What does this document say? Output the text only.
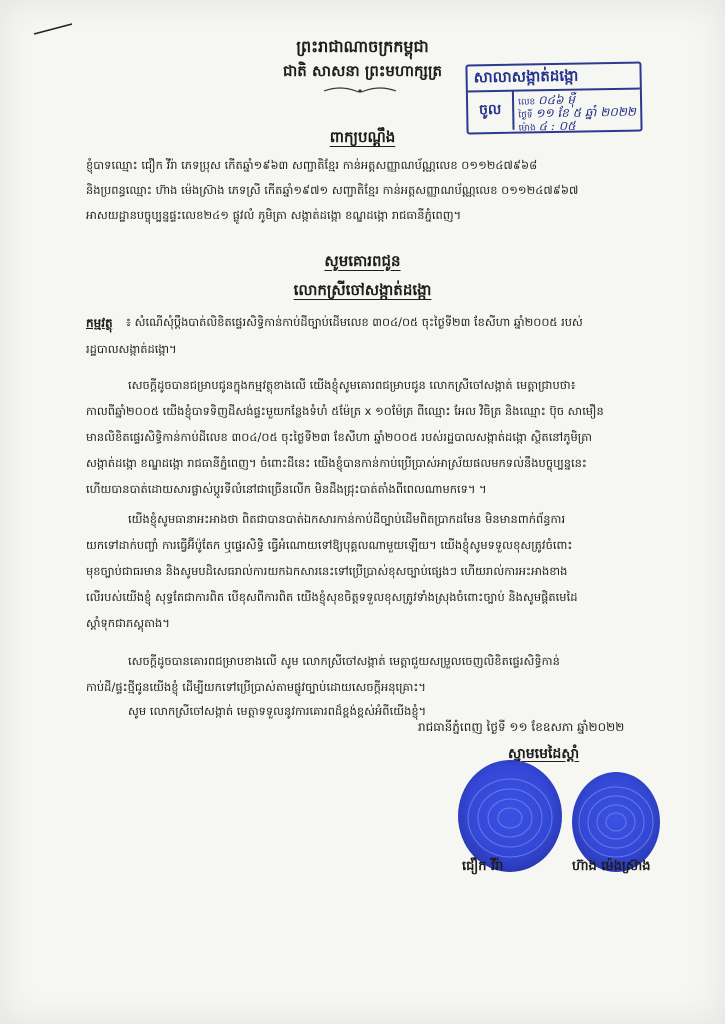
ព្រះរាជាណាចក្រកម្ពុជា
ជាតិ សាសនា ព្រះមហាក្សត្រ	សាលាសង្កាត់ដង្កោ
ចូល	លេខ ០៤៦ ម៉ឺ
ថ្ងៃទី ១១ ខែ ៥ ឆ្នាំ ២០២២
ម៉ោង ៤ : ០៥
ពាក្យបណ្តឹង
ខ្ញុំបាទឈ្មោះ ជឿក វីរ៉ា ភេទប្រុស កើតឆ្នាំ១៩៦៣ សញ្ជាតិខ្មែរ កាន់អត្តសញ្ញាណប័ណ្ណលេខ ០១១២៤៧៩៦៨
និងប្រពន្ធឈ្មោះ ហ៊ាង ម៉េងស្រ៊ាង ភេទស្រី កើតឆ្នាំ១៩៧១ សញ្ជាតិខ្មែរ កាន់អត្តសញ្ញាណប័ណ្ណលេខ ០១១២៤៧៩៦៧
អាសយដ្ឋានបច្ចុប្បន្នផ្ទះលេខ២៤១ ផ្លូវលំ ភូមិត្រា សង្កាត់ដង្កោ ខណ្ឌដង្កោ រាជធានីភ្នំពេញ។
សូមគោរពជូន
លោកស្រីចៅសង្កាត់ដង្កោ
កម្មវត្ថុ ៖ សំណើសុំប្តឹងបាត់លិខិតផ្ទេរសិទ្ធិកាន់កាប់ដីច្បាប់ដើមលេខ ៣០៤/០៥ ចុះថ្ងៃទី២៣ ខែសីហា ឆ្នាំ២០០៥ របស់
រដ្ឋបាលសង្កាត់ដង្កោ។
សេចក្តីដូចបានជម្រាបជូនក្នុងកម្មវត្ថុខាងលើ យើងខ្ញុំសូមគោរពជម្រាបជូន លោកស្រីចៅសង្កាត់ មេត្តាជ្រាបថា៖
កាលពីឆ្នាំ២០០៥ យើងខ្ញុំបាទទិញដីសង់ផ្ទះមួយកន្លែងទំហំ ៥ម៉ែត្រ x ១០ម៉ែត្រ ពីឈ្មោះ អែល វិចិត្រ និងឈ្មោះ ប៊ុច សាមឿន
មានលិខិតផ្ទេរសិទ្ធិកាន់កាប់ដីលេខ ៣០៤/០៥ ចុះថ្ងៃទី២៣ ខែសីហា ឆ្នាំ២០០៥ របស់រដ្ឋបាលសង្កាត់ដង្កោ ស្ថិតនៅភូមិត្រា
សង្កាត់ដង្កោ ខណ្ឌដង្កោ រាជធានីភ្នំពេញ។ ចំពោះដីនេះ យើងខ្ញុំបានកាន់កាប់ប្រើប្រាស់អាស្រ័យផលមកទល់នឹងបច្ចុប្បន្ននេះ
ហើយបានបាត់ដោយសារផ្លាស់ប្តូរទីលំនៅជាច្រើនលើក មិនដឹងជ្រុះបាត់តាំងពីពេលណាមកទេ។ ។
យើងខ្ញុំសូមធានាអះអាងថា ពិតជាបានបាត់ឯកសារកាន់កាប់ដីច្បាប់ដើមពិតប្រាកដមែន មិនមានពាក់ព័ន្ធការ
យកទៅដាក់បញ្ចាំ ការធ្វើអ៊ីប៉ូតែក ឬផ្ទេរសិទ្ធិ ធ្វើអំណោយទៅឱ្យបុគ្គលណាមួយឡើយ។ យើងខ្ញុំសូមទទួលខុសត្រូវចំពោះ
មុខច្បាប់ជាធរមាន និងសូមបដិសេធរាល់ការយកឯកសារនេះទៅប្រើប្រាស់ខុសច្បាប់ផ្សេងៗ ហើយរាល់ការអះអាងខាង
លើរបស់យើងខ្ញុំ សុទ្ធតែជាការពិត បើខុសពីការពិត យើងខ្ញុំសុខចិត្តទទួលខុសត្រូវទាំងស្រុងចំពោះច្បាប់ និងសូមផ្តិតមេដៃ
ស្តាំទុកជាភស្តុតាង។
សេចក្តីដូចបានគោរពជម្រាបខាងលើ សូម លោកស្រីចៅសង្កាត់ មេត្តាជួយសម្រួលចេញលិខិតផ្ទេរសិទ្ធិកាន់
កាប់ដី/ផ្ទះថ្មីជូនយើងខ្ញុំ ដើម្បីយកទៅប្រើប្រាស់តាមផ្លូវច្បាប់ដោយសេចក្តីអនុគ្រោះ។
សូម លោកស្រីចៅសង្កាត់ មេត្តាទទួលនូវការគោរពដ៏ខ្ពង់ខ្ពស់អំពីយើងខ្ញុំ។
រាជធានីភ្នំពេញ ថ្ងៃទី ១១ ខែឧសភា ឆ្នាំ២០២២
ស្នាមមេដៃស្តាំ
ជឿក វីរ៉ា	ហ៊ាង ម៉េងស្រ៊ាង
